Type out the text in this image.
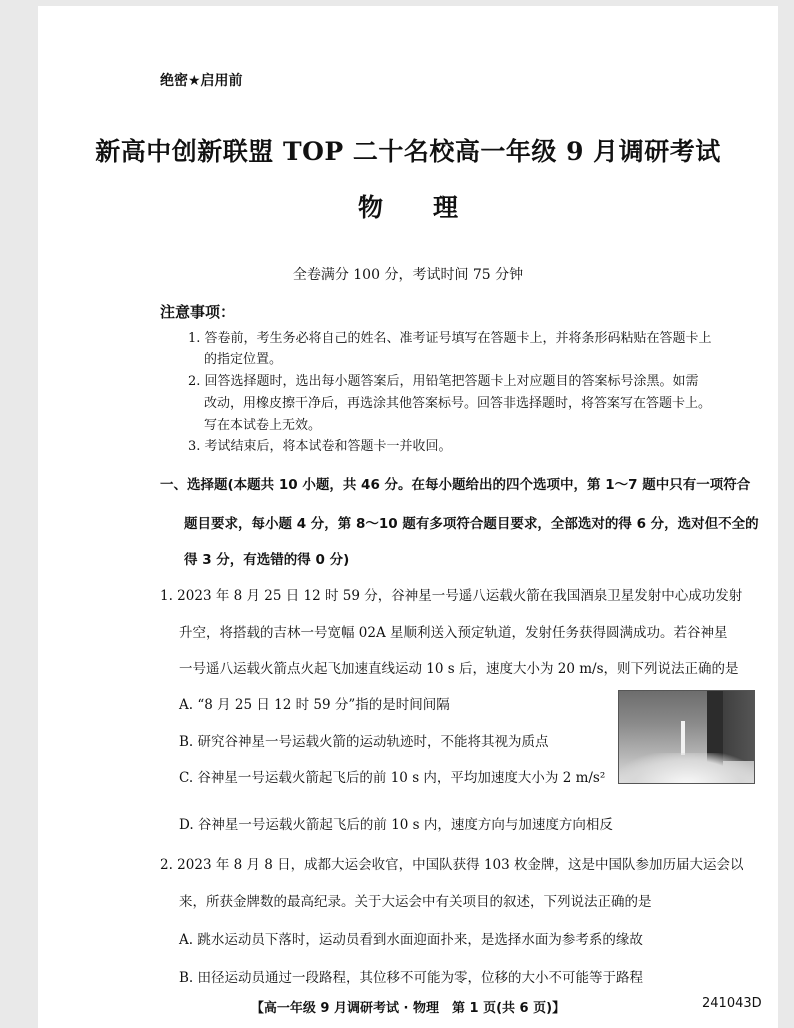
绝密★启用前
新高中创新联盟 TOP 二十名校高一年级 9 月调研考试
物理
全卷满分 100 分，考试时间 75 分钟
注意事项：
1. 答卷前，考生务必将自己的姓名、准考证号填写在答题卡上，并将条形码粘贴在答题卡上
的指定位置。
2. 回答选择题时，选出每小题答案后，用铅笔把答题卡上对应题目的答案标号涂黑。如需
改动，用橡皮擦干净后，再选涂其他答案标号。回答非选择题时，将答案写在答题卡上。
写在本试卷上无效。
3. 考试结束后，将本试卷和答题卡一并收回。
一、选择题(本题共 10 小题，共 46 分。在每小题给出的四个选项中，第 1～7 题中只有一项符合
题目要求，每小题 4 分，第 8～10 题有多项符合题目要求，全部选对的得 6 分，选对但不全的
得 3 分，有选错的得 0 分)
1. 2023 年 8 月 25 日 12 时 59 分，谷神星一号遥八运载火箭在我国酒泉卫星发射中心成功发射
升空，将搭载的吉林一号宽幅 02A 星顺利送入预定轨道，发射任务获得圆满成功。若谷神星
一号遥八运载火箭点火起飞加速直线运动 10 s 后，速度大小为 20 m/s，则下列说法正确的是
A. “8 月 25 日 12 时 59 分”指的是时间间隔
B. 研究谷神星一号运载火箭的运动轨迹时，不能将其视为质点
C. 谷神星一号运载火箭起飞后的前 10 s 内，平均加速度大小为 2 m/s²
D. 谷神星一号运载火箭起飞后的前 10 s 内，速度方向与加速度方向相反
2. 2023 年 8 月 8 日，成都大运会收官，中国队获得 103 枚金牌，这是中国队参加历届大运会以
来，所获金牌数的最高纪录。关于大运会中有关项目的叙述，下列说法正确的是
A. 跳水运动员下落时，运动员看到水面迎面扑来，是选择水面为参考系的缘故
B. 田径运动员通过一段路程，其位移不可能为零，位移的大小不可能等于路程
【高一年级 9 月调研考试 · 物理　第 1 页(共 6 页)】	241043D
